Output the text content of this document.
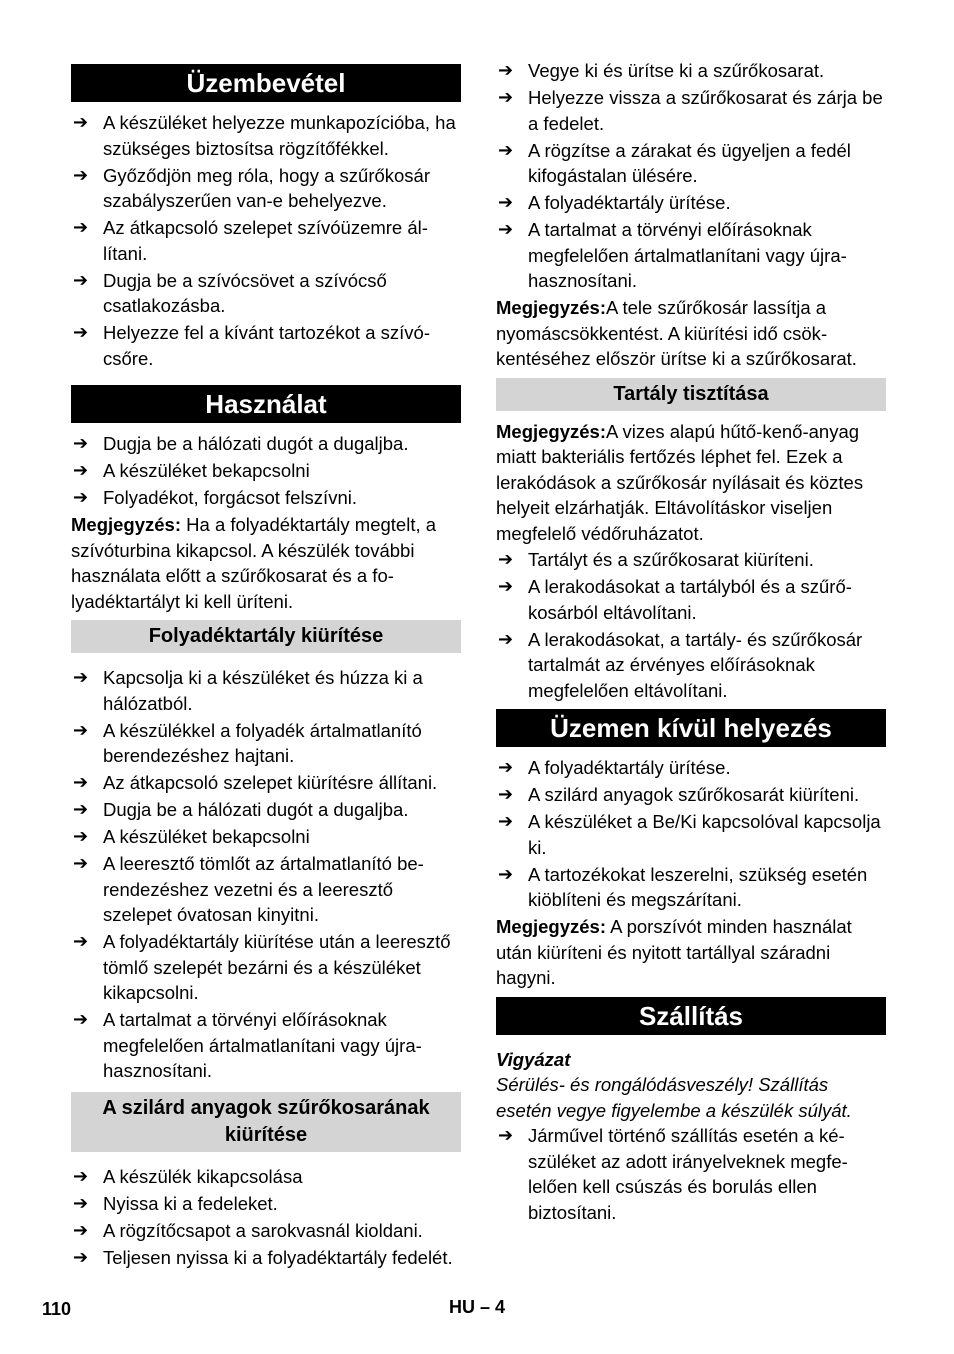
Üzembevétel
➔ A készüléket helyezze munkapozícióba, ha szükséges biztosítsa rögzítőfékkel.
➔ Győződjön meg róla, hogy a szűrőkosár szabályszerűen van-e behelyezve.
➔ Az átkapcsoló szelepet szívóüzemre állítani.
➔ Dugja be a szívócsövet a szívócső csatlakozásba.
➔ Helyezze fel a kívánt tartozékot a szívócsőre.
Használat
➔ Dugja be a hálózati dugót a dugaljba.
➔ A készüléket bekapcsolni
➔ Folyadékot, forgácsot felszívni.

Megjegyzés: Ha a folyadéktartály megtelt, a szívóturbina kikapcsol. A készülék további használata előtt a szűrőkosarat és a folyadéktartályt ki kell üríteni.

Folyadéktartály kiürítése
➔ Kapcsolja ki a készüléket és húzza ki a hálózatból.
➔ A készülékkel a folyadék ártalmatlanító berendezéshez hajtani.
➔ Az átkapcsoló szelepet kiürítésre állítani.
➔ Dugja be a hálózati dugót a dugaljba.
➔ A készüléket bekapcsolni
➔ A leeresztő tömlőt az ártalmatlanító berendezéshez vezetni és a leeresztő szelepet óvatosan kinyitni.
➔ A folyadéktartály kiürítése után a leeresztő tömlő szelepét bezárni és a készüléket kikapcsolni.
➔ A tartalmat a törvényi előírásoknak megfelelően ártalmatlanítani vagy újrahasznosítani.
A szilárd anyagok szűrőkosarának kiürítése
➔ A készülék kikapcsolása
➔ Nyissa ki a fedeleket.
➔ A rögzítőcsapot a sarokvasnál kioldani.
➔ Teljesen nyissa ki a folyadéktartály fedelét.
➔ Vegye ki és ürítse ki a szűrőkosarat.
➔ Helyezze vissza a szűrőkosarat és zárja be a fedelet.
➔ A rögzítse a zárakat és ügyeljen a fedél kifogástalan ülésére.
➔ A folyadéktartály ürítése.
➔ A tartalmat a törvényi előírásoknak megfelelően ártalmatlanítani vagy újrahasznosítani.

Megjegyzés:A tele szűrőkosár lassítja a nyomáscsökkentést. A kiürítési idő csökkentéséhez először ürítse ki a szűrőkosarat.

Tartály tisztítása

Megjegyzés:A vizes alapú hűtő-kenő-anyag miatt bakteriális fertőzés léphet fel. Ezek a lerakódások a szűrőkosár nyílásait és köztes helyeit elzárhatják. Eltávolításkor viseljen megfelelő védőruházatot.

➔ Tartályt és a szűrőkosarat kiüríteni.
➔ A lerakodásokat a tartályból és a szűrőkosárból eltávolítani.
➔ A lerakodásokat, a tartály- és szűrőkosár tartalmát az érvényes előírásoknak megfelelően eltávolítani.
Üzemen kívül helyezés
➔ A folyadéktartály ürítése.
➔ A szilárd anyagok szűrőkosarát kiüríteni.
➔ A készüléket a Be/Ki kapcsolóval kapcsolja ki.
➔ A tartozékokat leszerelni, szükség esetén kiöblíteni és megszárítani.

Megjegyzés: A porszívót minden használat után kiüríteni és nyitott tartállyal száradni hagyni.

Szállítás

Vigyázat

Sérülés- és rongálódásveszély! Szállítás esetén vegye figyelembe a készülék súlyát.

➔ Járművel történő szállítás esetén a készüléket az adott irányelveknek megfelelően kell csúszás és borulás ellen biztosítani.
110	HU – 4
